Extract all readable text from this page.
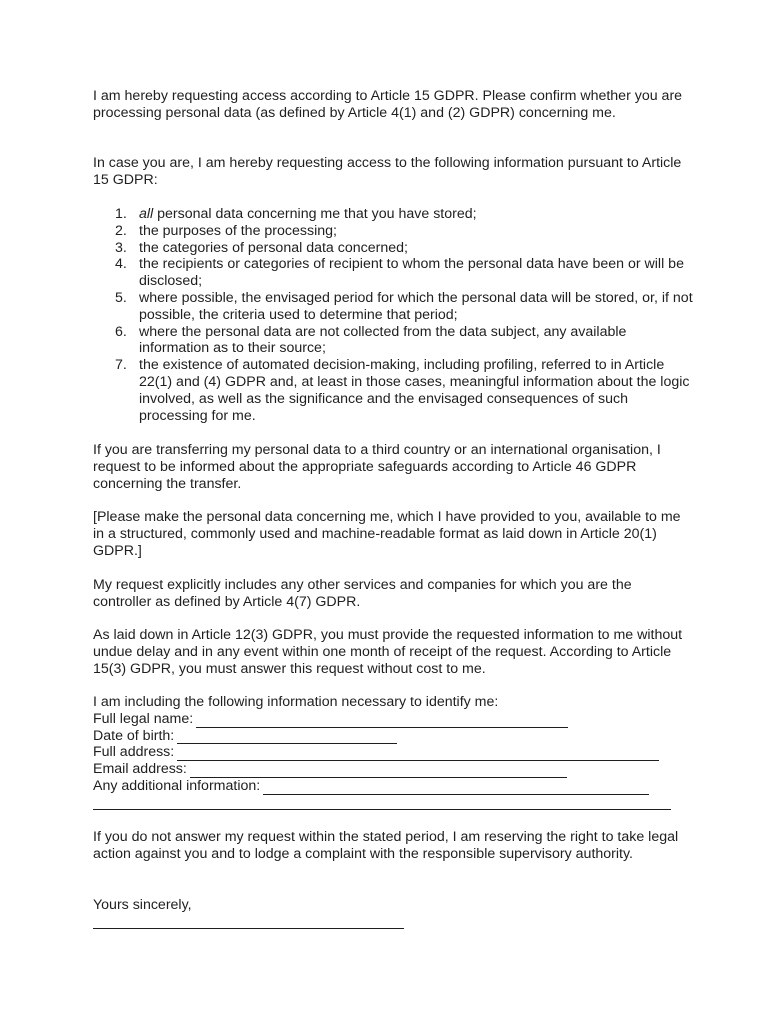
I am hereby requesting access according to Article 15 GDPR. Please confirm whether you are processing personal data (as defined by Article 4(1) and (2) GDPR) concerning me.

In case you are, I am hereby requesting access to the following information pursuant to Article 15 GDPR:

1. all personal data concerning me that you have stored;
2. the purposes of the processing;
3. the categories of personal data concerned;
4. the recipients or categories of recipient to whom the personal data have been or will be disclosed;
5. where possible, the envisaged period for which the personal data will be stored, or, if not possible, the criteria used to determine that period;
6. where the personal data are not collected from the data subject, any available information as to their source;
7. the existence of automated decision-making, including profiling, referred to in Article 22(1) and (4) GDPR and, at least in those cases, meaningful information about the logic involved, as well as the significance and the envisaged consequences of such processing for me.

If you are transferring my personal data to a third country or an international organisation, I request to be informed about the appropriate safeguards according to Article 46 GDPR concerning the transfer.

[Please make the personal data concerning me, which I have provided to you, available to me in a structured, commonly used and machine-readable format as laid down in Article 20(1) GDPR.]

My request explicitly includes any other services and companies for which you are the controller as defined by Article 4(7) GDPR.

As laid down in Article 12(3) GDPR, you must provide the requested information to me without undue delay and in any event within one month of receipt of the request. According to Article 15(3) GDPR, you must answer this request without cost to me.

I am including the following information necessary to identify me:

Full legal name:
Date of birth:
Full address:
Email address:
Any additional information:

If you do not answer my request within the stated period, I am reserving the right to take legal action against you and to lodge a complaint with the responsible supervisory authority.

Yours sincerely,
